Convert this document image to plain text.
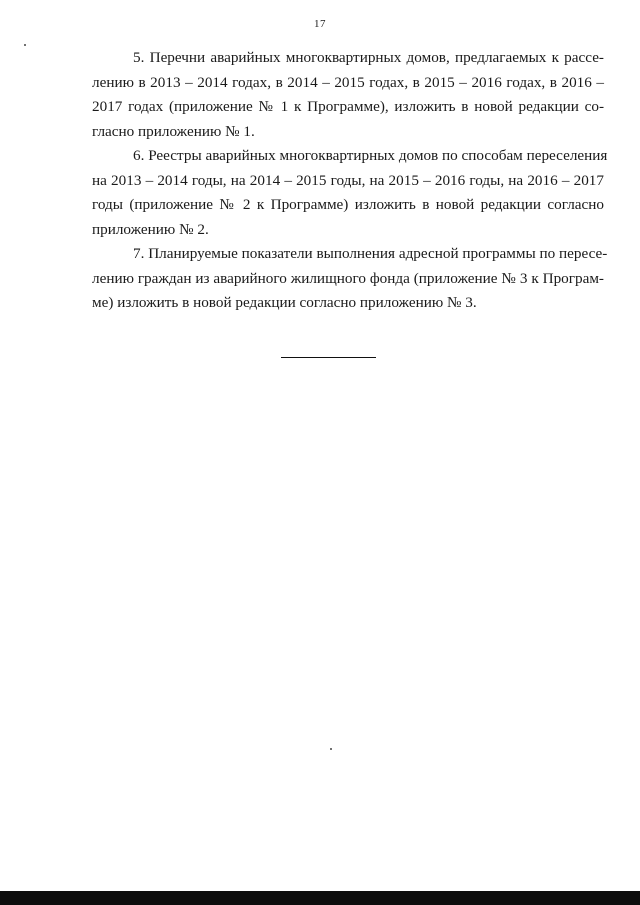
17

5. Перечни аварийных многоквартирных домов, предлагаемых к рассе-
лению в 2013 – 2014 годах, в 2014 – 2015 годах, в 2015 – 2016 годах, в 2016 –
2017 годах (приложение № 1 к Программе), изложить в новой редакции со-
гласно приложению № 1.

6. Реестры аварийных многоквартирных домов по способам переселения
на 2013 – 2014 годы, на 2014 – 2015 годы, на 2015 – 2016 годы, на 2016 – 2017
годы (приложение № 2 к Программе) изложить в новой редакции согласно
приложению № 2.

7. Планируемые показатели выполнения адресной программы по пересе-
лению граждан из аварийного жилищного фонда (приложение № 3 к Програм-
ме) изложить в новой редакции согласно приложению № 3.
